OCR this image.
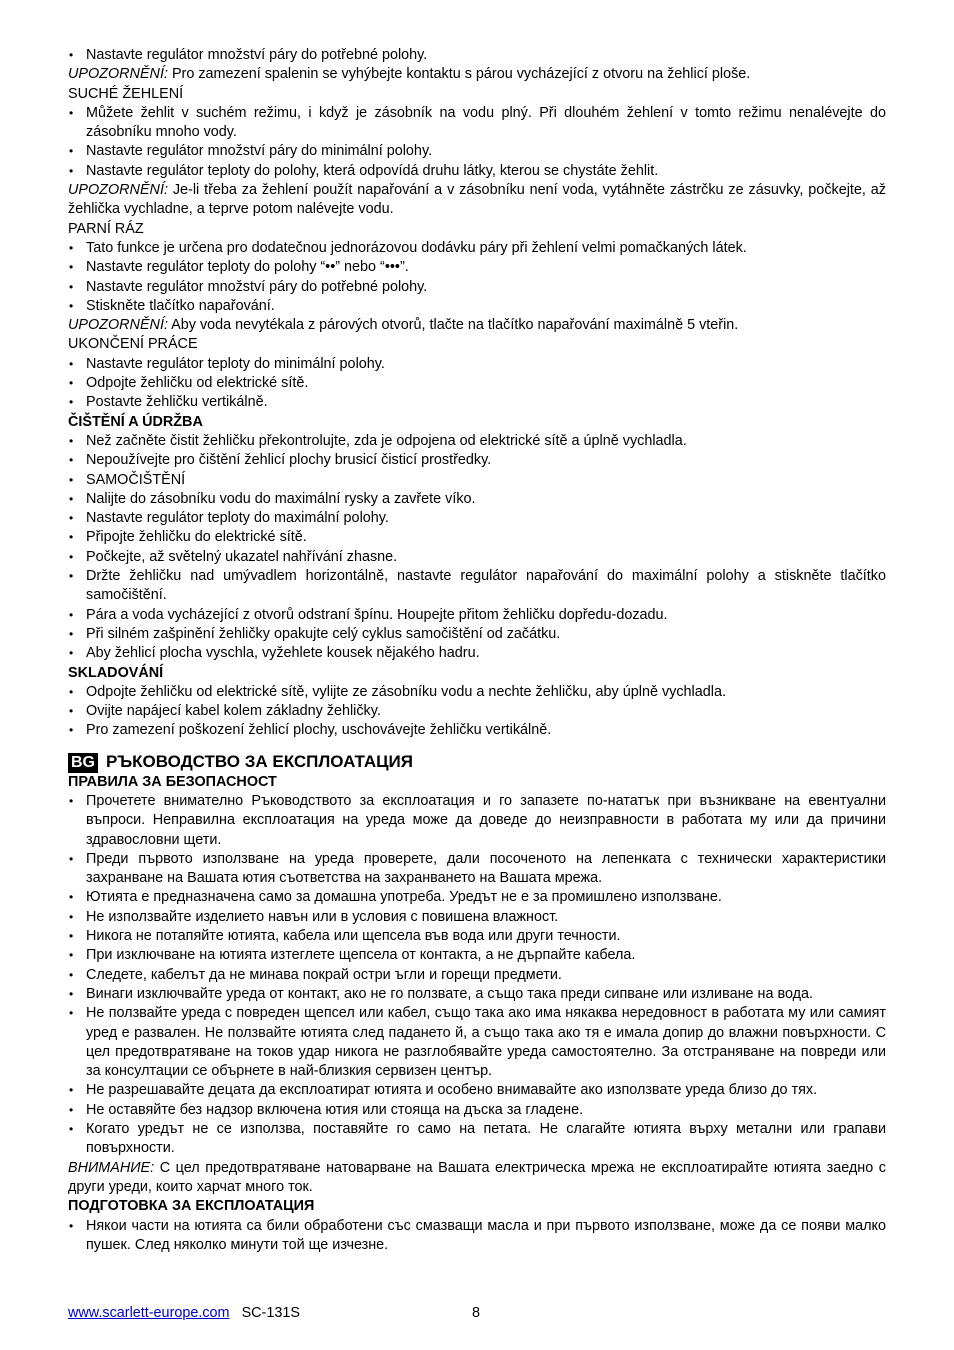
• Nastavte regulátor množství páry do potřebné polohy.

UPOZORNĚNÍ: Pro zamezení spalenin se vyhýbejte kontaktu s párou vycházející z otvoru na žehlicí ploše.

SUCHÉ ŽEHLENÍ

• Můžete žehlit v suchém režimu, i když je zásobník na vodu plný. Při dlouhém žehlení v tomto režimu nenalévejte do zásobníku mnoho vody.
• Nastavte regulátor množství páry do minimální polohy.
• Nastavte regulátor teploty do polohy, která odpovídá druhu látky, kterou se chystáte žehlit.

UPOZORNĚNÍ: Je-li třeba za žehlení použít napařování a v zásobníku není voda, vytáhněte zástrčku ze zásuvky, počkejte, až žehlička vychladne, a teprve potom nalévejte vodu.

PARNÍ RÁZ

• Tato funkce je určena pro dodatečnou jednorázovou dodávku páry při žehlení velmi pomačkaných látek.
• Nastavte regulátor teploty do polohy “••” nebo “•••”.
• Nastavte regulátor množství páry do potřebné polohy.
• Stiskněte tlačítko napařování.

UPOZORNĚNÍ: Aby voda nevytékala z párových otvorů, tlačte na tlačítko napařování maximálně 5 vteřin.

UKONČENÍ PRÁCE

• Nastavte regulátor teploty do minimální polohy.
• Odpojte žehličku od elektrické sítě.
• Postavte žehličku vertikálně.

ČIŠTĚNÍ A ÚDRŽBA

• Než začněte čistit žehličku překontrolujte, zda je odpojena od elektrické sítě a úplně vychladla.
• Nepoužívejte pro čištění žehlicí plochy brusicí čisticí prostředky.
• SAMOČIŠTĚNÍ
• Nalijte do zásobníku vodu do maximální rysky a zavřete víko.
• Nastavte regulátor teploty do maximální polohy.
• Připojte žehličku do elektrické sítě.
• Počkejte, až světelný ukazatel nahřívání zhasne.
• Držte žehličku nad umývadlem horizontálně, nastavte regulátor napařování do maximální polohy a stiskněte tlačítko samočištění.
• Pára a voda vycházející z otvorů odstraní špínu. Houpejte přitom žehličku dopředu-dozadu.
• Při silném zašpinění žehličky opakujte celý cyklus samočištění od začátku.
• Aby žehlicí plocha vyschla, vyžehlete kousek nějakého hadru.

SKLADOVÁNÍ

• Odpojte žehličku od elektrické sítě, vylijte ze zásobníku vodu a nechte žehličku, aby úplně vychladla.
• Ovijte napájecí kabel kolem základny žehličky.
• Pro zamezení poškození žehlicí plochy, uschovávejte žehličku vertikálně.
BG РЪКОВОДСТВО ЗА ЕКСПЛОАТАЦИЯ

ПРАВИЛА ЗА БЕЗОПАСНОСТ

• Прочетете внимателно Ръководството за експлоатация и го запазете по-нататък при възникване на евентуални въпроси. Неправилна експлоатация на уреда може да доведе до неизправности в работата му или да причини здравословни щети.
• Преди първото използване на уреда проверете, дали посоченото на лепенката с технически характеристики захранване на Вашата ютия съответства на захранването на Вашата мрежа.
• Ютията е предназначена само за домашна употреба. Уредът не е за промишлено използване.
• Не използвайте изделието навън или в условия с повишена влажност.
• Никога не потапяйте ютията, кабела или щепсела във вода или други течности.
• При изключване на ютията изтеглете щепсела от контакта, а не дърпайте кабела.
• Следете, кабелът да не минава покрай остри ъгли и горещи предмети.
• Винаги изключвайте уреда от контакт, ако не го ползвате, а също така преди сипване или изливане на вода.
• Не ползвайте уреда с повреден щепсел или кабел, също така ако има някаква нередовност в работата му или самият уред е развален. Не ползвайте ютията след падането й, а също така ако тя е имала допир до влажни повърхности. С цел предотвратяване на токов удар никога не разглобявайте уреда самостоятелно. За отстраняване на повреди или за консултации се обърнете в най-близкия сервизен център.
• Не разрешавайте децата да експлоатират ютията и особено внимавайте ако използвате уреда близо до тях.
• Не оставяйте без надзор включена ютия или стояща на дъска за гладене.
• Когато уредът не се използва, поставяйте го само на петата. Не слагайте ютията върху метални или грапави повърхности.

ВНИМАНИЕ: С цел предотвратяване натоварване на Вашата електрическа мрежа не експлоатирайте ютията заедно с други уреди, които харчат много ток.

ПОДГОТОВКА ЗА ЕКСПЛОАТАЦИЯ

• Някои части на ютията са били обработени със смазващи масла и при първото използване, може да се появи малко пушек. След няколко минути той ще изчезне.
www.scarlett-europe.com SC-131S	8
